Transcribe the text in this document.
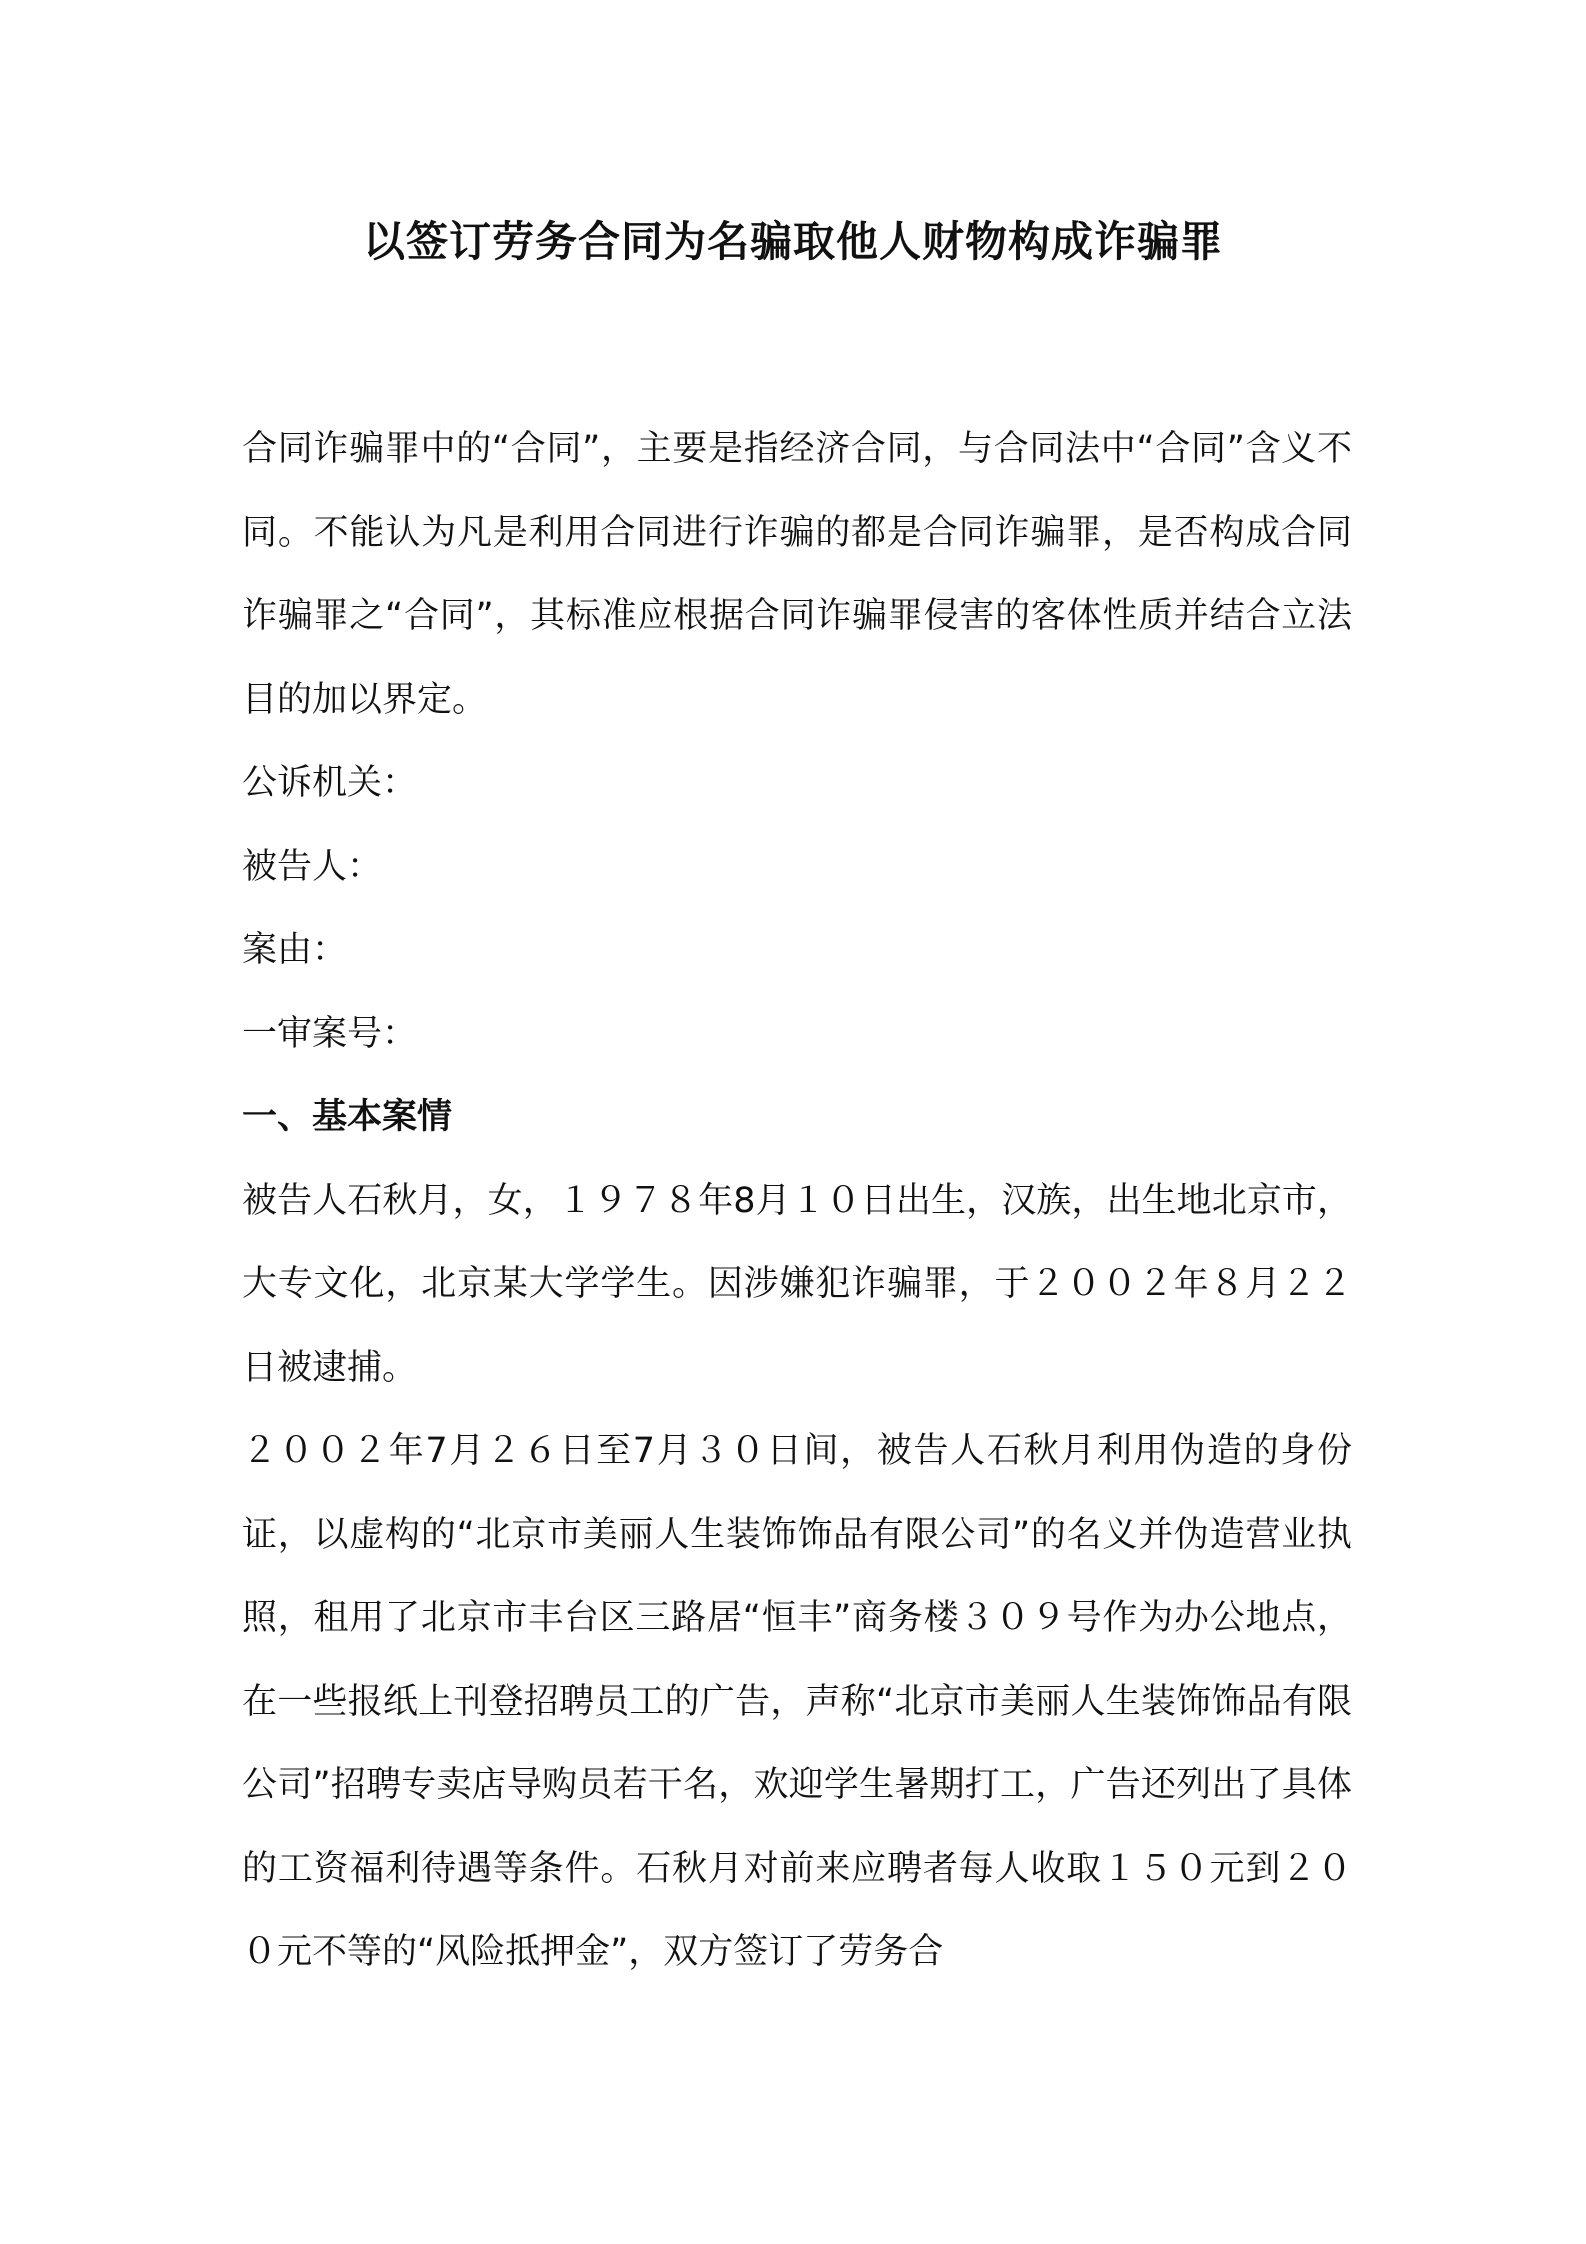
以签订劳务合同为名骗取他人财物构成诈骗罪

合同诈骗罪中的“合同”，主要是指经济合同，与合同法中“合同”含义不同。不能认为凡是利用合同进行诈骗的都是合同诈骗罪，是否构成合同诈骗罪之“合同”，其标准应根据合同诈骗罪侵害的客体性质并结合立法目的加以界定。

公诉机关：

被告人：

案由：

一审案号：

一、基本案情

被告人石秋月，女，１９７８年8月１０日出生，汉族，出生地北京市，大专文化，北京某大学学生。因涉嫌犯诈骗罪，于２００２年８月２２日被逮捕。

２００２年7月２６日至7月３０日间，被告人石秋月利用伪造的身份证，以虚构的“北京市美丽人生装饰饰品有限公司”的名义并伪造营业执照，租用了北京市丰台区三路居“恒丰”商务楼３０９号作为办公地点，在一些报纸上刊登招聘员工的广告，声称“北京市美丽人生装饰饰品有限公司”招聘专卖店导购员若干名，欢迎学生暑期打工，广告还列出了具体的工资福利待遇等条件。石秋月对前来应聘者每人收取１５０元到２００元不等的“风险抵押金”，双方签订了劳务合
